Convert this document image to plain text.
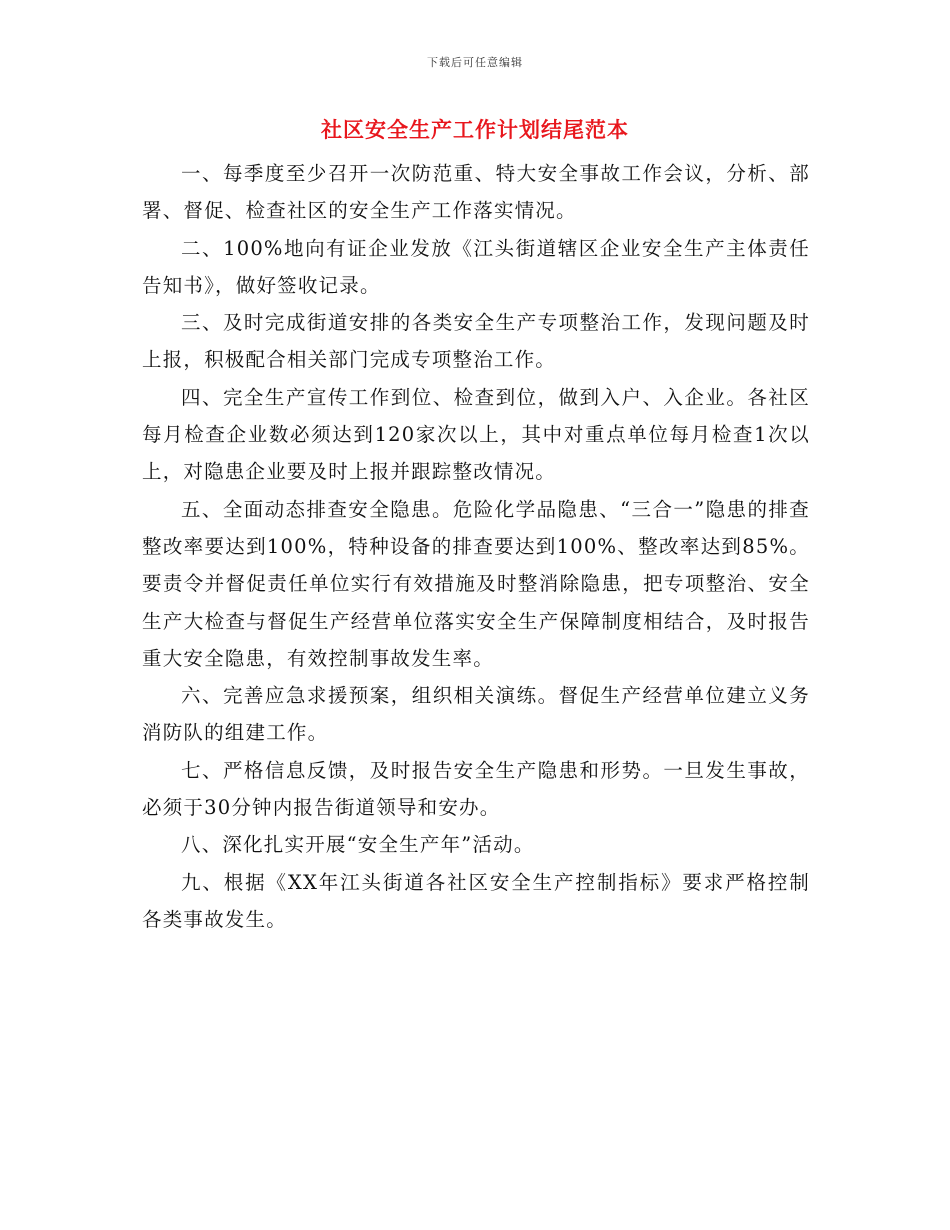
下载后可任意编辑
社区安全生产工作计划结尾范本

一、每季度至少召开一次防范重、特大安全事故工作会议，分析、部署、督促、检查社区的安全生产工作落实情况。

二、100%地向有证企业发放《江头街道辖区企业安全生产主体责任告知书》，做好签收记录。

三、及时完成街道安排的各类安全生产专项整治工作，发现问题及时上报，积极配合相关部门完成专项整治工作。

四、完全生产宣传工作到位、检查到位，做到入户、入企业。各社区每月检查企业数必须达到120家次以上，其中对重点单位每月检查1次以上，对隐患企业要及时上报并跟踪整改情况。

五、全面动态排查安全隐患。危险化学品隐患、“三合一”隐患的排查整改率要达到100%，特种设备的排查要达到100%、整改率达到85%。要责令并督促责任单位实行有效措施及时整消除隐患，把专项整治、安全生产大检查与督促生产经营单位落实安全生产保障制度相结合，及时报告重大安全隐患，有效控制事故发生率。

六、完善应急求援预案，组织相关演练。督促生产经营单位建立义务消防队的组建工作。

七、严格信息反馈，及时报告安全生产隐患和形势。一旦发生事故，必须于30分钟内报告街道领导和安办。

八、深化扎实开展“安全生产年”活动。

九、根据《XX年江头街道各社区安全生产控制指标》要求严格控制各类事故发生。
